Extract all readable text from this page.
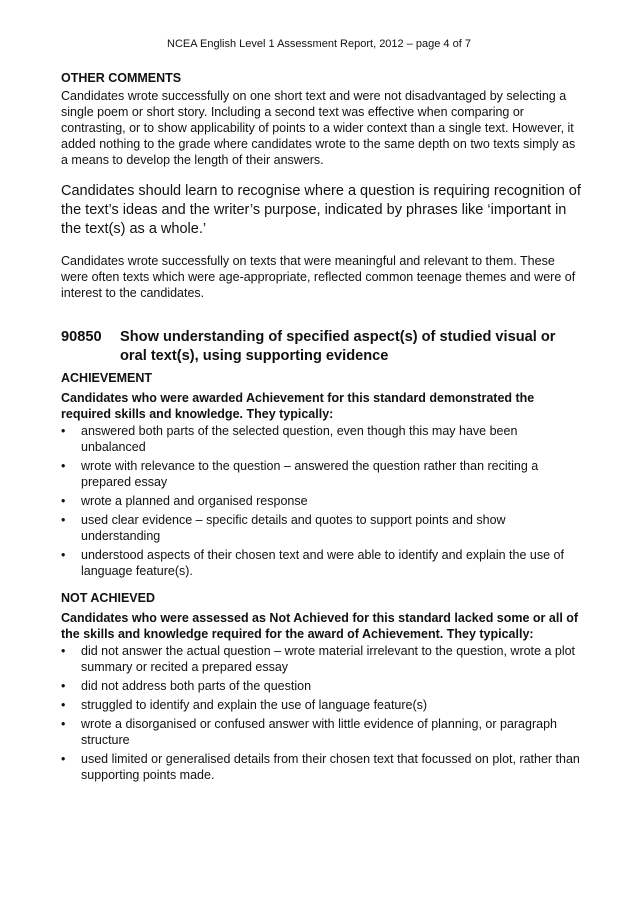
NCEA English Level 1 Assessment Report, 2012 – page 4 of 7

OTHER COMMENTS

Candidates wrote successfully on one short text and were not disadvantaged by selecting a single poem or short story. Including a second text was effective when comparing or contrasting, or to show applicability of points to a wider context than a single text. However, it added nothing to the grade where candidates wrote to the same depth on two texts simply as a means to develop the length of their answers.

Candidates should learn to recognise where a question is requiring recognition of the text’s ideas and the writer’s purpose, indicated by phrases like ‘important in the text(s) as a whole.’

Candidates wrote successfully on texts that were meaningful and relevant to them. These were often texts which were age-appropriate, reflected common teenage themes and were of interest to the candidates.

90850	Show understanding of specified aspect(s) of studied visual or oral text(s), using supporting evidence

ACHIEVEMENT

Candidates who were awarded Achievement for this standard demonstrated the required skills and knowledge. They typically:

• answered both parts of the selected question, even though this may have been unbalanced
• wrote with relevance to the question – answered the question rather than reciting a prepared essay
• wrote a planned and organised response
• used clear evidence – specific details and quotes to support points and show understanding
• understood aspects of their chosen text and were able to identify and explain the use of language feature(s).

NOT ACHIEVED

Candidates who were assessed as Not Achieved for this standard lacked some or all of the skills and knowledge required for the award of Achievement. They typically:

• did not answer the actual question – wrote material irrelevant to the question, wrote a plot summary or recited a prepared essay
• did not address both parts of the question
• struggled to identify and explain the use of language feature(s)
• wrote a disorganised or confused answer with little evidence of planning, or paragraph structure
• used limited or generalised details from their chosen text that focussed on plot, rather than supporting points made.
